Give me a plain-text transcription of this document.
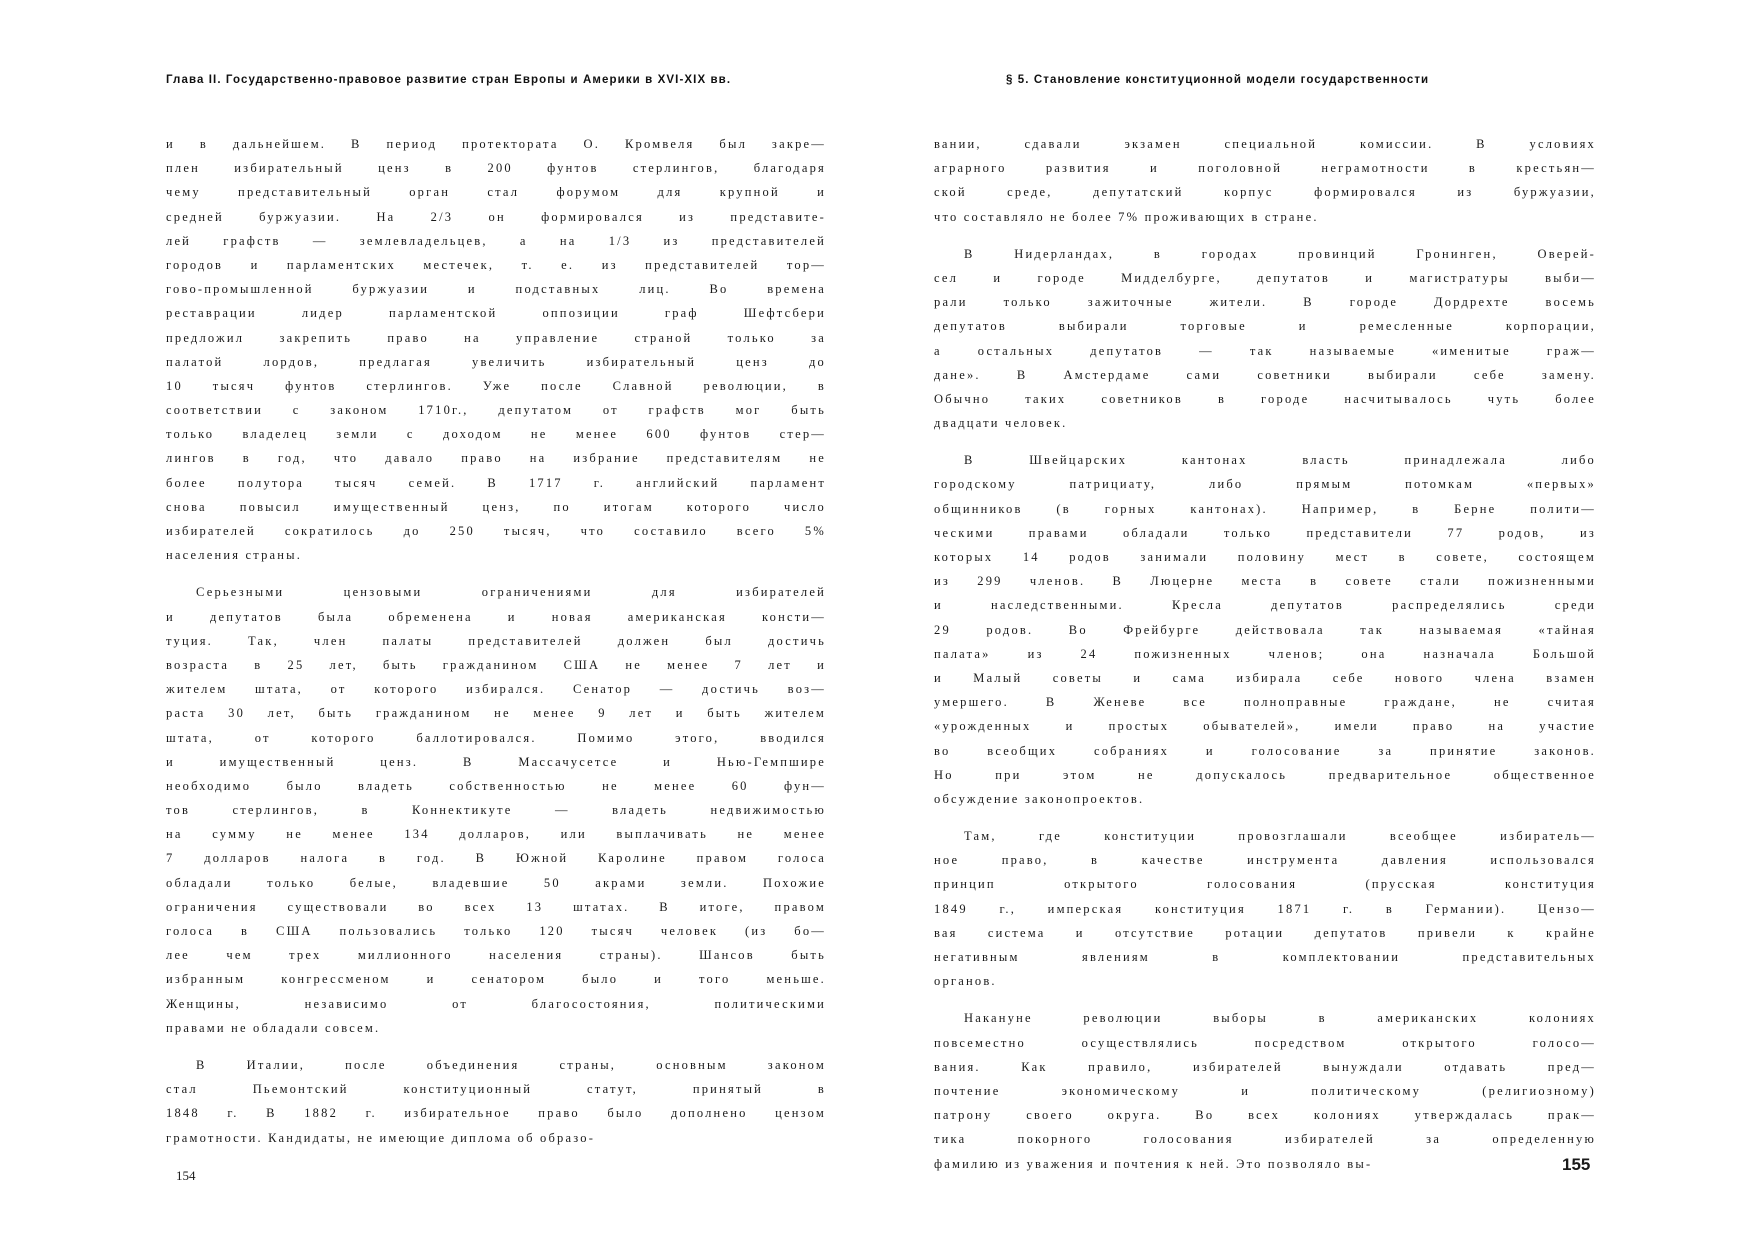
Глава II. Государственно-правовое развитие стран Европы и Америки в XVI-XIX вв.
и в дальнейшем. В период протектората О. Кромвеля был закре—
плен избирательный ценз в 200 фунтов стерлингов, благодаря
чему представительный орган стал форумом для крупной и
средней буржуазии. На 2/3 он формировался из представите-
лей графств — землевладельцев, а на 1/3 из представителей
городов и парламентских местечек, т. е. из представителей тор—
гово-промышленной буржуазии и подставных лиц. Во времена
реставрации лидер парламентской оппозиции граф Шефтсбери
предложил закрепить право на управление страной только за
палатой лордов, предлагая увеличить избирательный ценз до
10 тысяч фунтов стерлингов. Уже после Славной революции, в
соответствии с законом 1710г., депутатом от графств мог быть
только владелец земли с доходом не менее 600 фунтов стер—
лингов в год, что давало право на избрание представителям не
более полутора тысяч семей. В 1717 г. английский парламент
снова повысил имущественный ценз, по итогам которого число
избирателей сократилось до 250 тысяч, что составило всего 5%
населения страны.
Серьезными цензовыми ограничениями для избирателей
и депутатов была обременена и новая американская консти—
туция. Так, член палаты представителей должен был достичь
возраста в 25 лет, быть гражданином США не менее 7 лет и
жителем штата, от которого избирался. Сенатор — достичь воз—
раста 30 лет, быть гражданином не менее 9 лет и быть жителем
штата, от которого баллотировался. Помимо этого, вводился
и имущественный ценз. В Массачусетсе и Нью-Гемпшире
необходимо было владеть собственностью не менее 60 фун—
тов стерлингов, в Коннектикуте — владеть недвижимостью
на сумму не менее 134 долларов, или выплачивать не менее
7 долларов налога в год. В Южной Каролине правом голоса
обладали только белые, владевшие 50 акрами земли. Похожие
ограничения существовали во всех 13 штатах. В итоге, правом
голоса в США пользовались только 120 тысяч человек (из бо—
лее чем трех миллионного населения страны). Шансов быть
избранным конгрессменом и сенатором было и того меньше.
Женщины, независимо от благосостояния, политическими
правами не обладали совсем.
В Италии, после объединения страны, основным законом
стал Пьемонтский конституционный статут, принятый в
1848 г. В 1882 г. избирательное право было дополнено цензом
грамотности. Кандидаты, не имеющие диплома об образо-
154
§ 5. Становление конституционной модели государственности
вании, сдавали экзамен специальной комиссии. В условиях
аграрного развития и поголовной неграмотности в крестьян—
ской среде, депутатский корпус формировался из буржуазии,
что составляло не более 7% проживающих в стране.
В Нидерландах, в городах провинций Гронинген, Оверей-
сел и городе Мидделбурге, депутатов и магистратуры выби—
рали только зажиточные жители. В городе Дордрехте восемь
депутатов выбирали торговые и ремесленные корпорации,
а остальных депутатов — так называемые «именитые граж—
дане». В Амстердаме сами советники выбирали себе замену.
Обычно таких советников в городе насчитывалось чуть более
двадцати человек.
В Швейцарских кантонах власть принадлежала либо
городскому патрициату, либо прямым потомкам «первых»
общинников (в горных кантонах). Например, в Берне полити—
ческими правами обладали только представители 77 родов, из
которых 14 родов занимали половину мест в совете, состоящем
из 299 членов. В Люцерне места в совете стали пожизненными
и наследственными. Кресла депутатов распределялись среди
29 родов. Во Фрейбурге действовала так называемая «тайная
палата» из 24 пожизненных членов; она назначала Большой
и Малый советы и сама избирала себе нового члена взамен
умершего. В Женеве все полноправные граждане, не считая
«урожденных и простых обывателей», имели право на участие
во всеобщих собраниях и голосование за принятие законов.
Но при этом не допускалось предварительное общественное
обсуждение законопроектов.
Там, где конституции провозглашали всеобщее избиратель—
ное право, в качестве инструмента давления использовался
принцип открытого голосования (прусская конституция
1849 г., имперская конституция 1871 г. в Германии). Цензо—
вая система и отсутствие ротации депутатов привели к крайне
негативным явлениям в комплектовании представительных
органов.
Накануне революции выборы в американских колониях
повсеместно осуществлялись посредством открытого голосо—
вания. Как правило, избирателей вынуждали отдавать пред—
почтение экономическому и политическому (религиозному)
патрону своего округа. Во всех колониях утверждалась прак—
тика покорного голосования избирателей за определенную
фамилию из уважения и почтения к ней. Это позволяло вы-	155
